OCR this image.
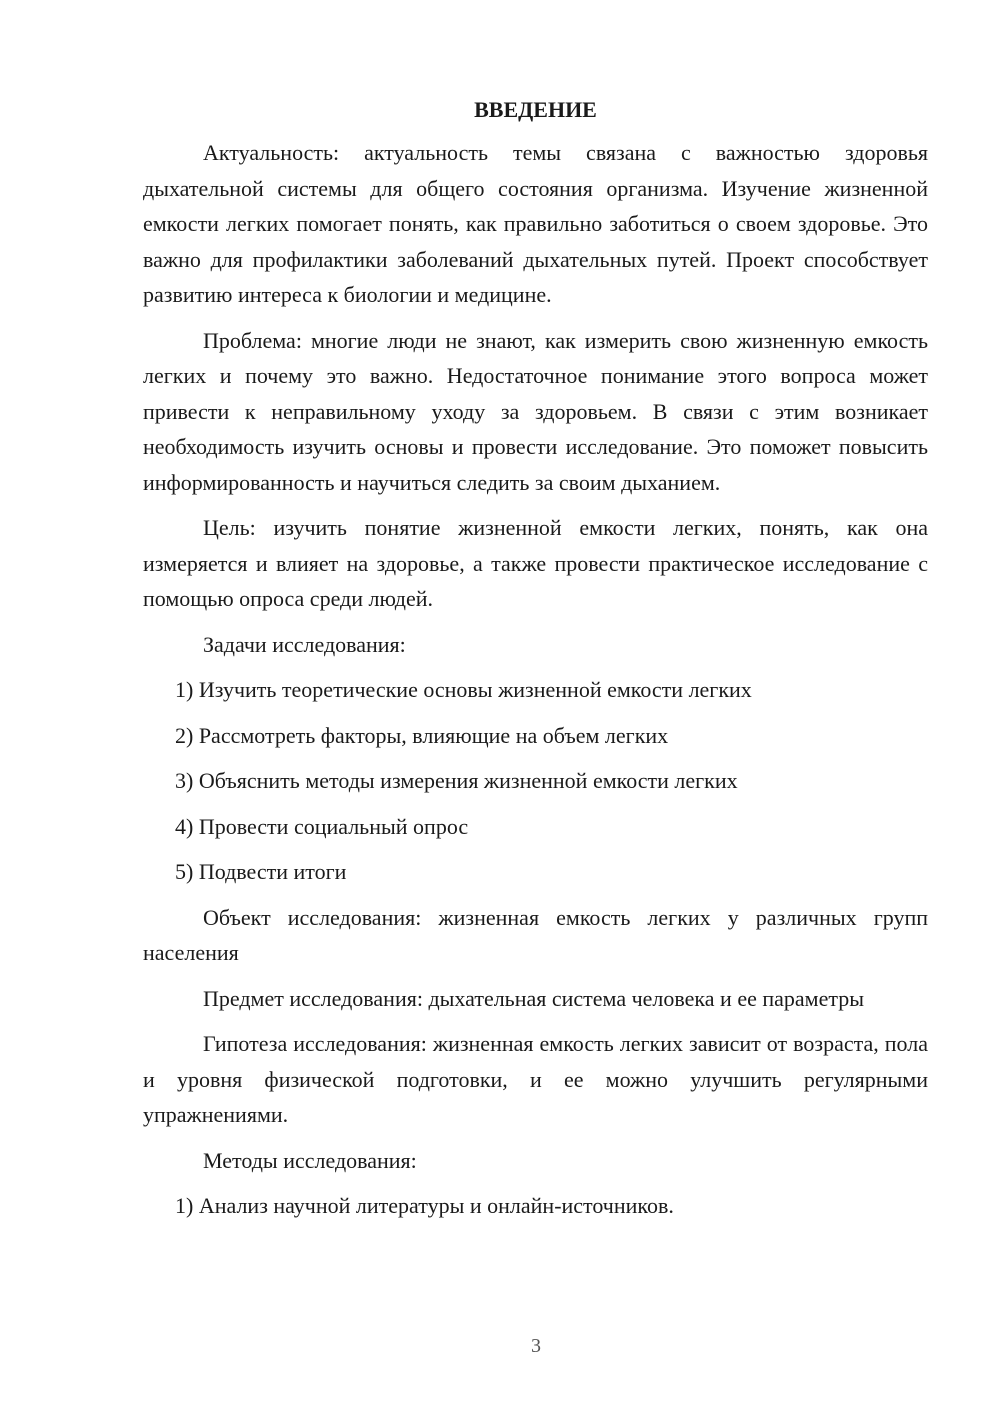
ВВЕДЕНИЕ

Актуальность: актуальность темы связана с важностью здоровья дыхательной системы для общего состояния организма. Изучение жизненной емкости легких помогает понять, как правильно заботиться о своем здоровье. Это важно для профилактики заболеваний дыхательных путей. Проект способствует развитию интереса к биологии и медицине.

Проблема: многие люди не знают, как измерить свою жизненную емкость легких и почему это важно. Недостаточное понимание этого вопроса может привести к неправильному уходу за здоровьем. В связи с этим возникает необходимость изучить основы и провести исследование. Это поможет повысить информированность и научиться следить за своим дыханием.

Цель: изучить понятие жизненной емкости легких, понять, как она измеряется и влияет на здоровье, а также провести практическое исследование с помощью опроса среди людей.

Задачи исследования:

1) Изучить теоретические основы жизненной емкости легких

2) Рассмотреть факторы, влияющие на объем легких

3) Объяснить методы измерения жизненной емкости легких

4) Провести социальный опрос

5) Подвести итоги

Объект исследования: жизненная емкость легких у различных групп населения

Предмет исследования: дыхательная система человека и ее параметры

Гипотеза исследования: жизненная емкость легких зависит от возраста, пола и уровня физической подготовки, и ее можно улучшить регулярными упражнениями.

Методы исследования:

1) Анализ научной литературы и онлайн-источников.

3
